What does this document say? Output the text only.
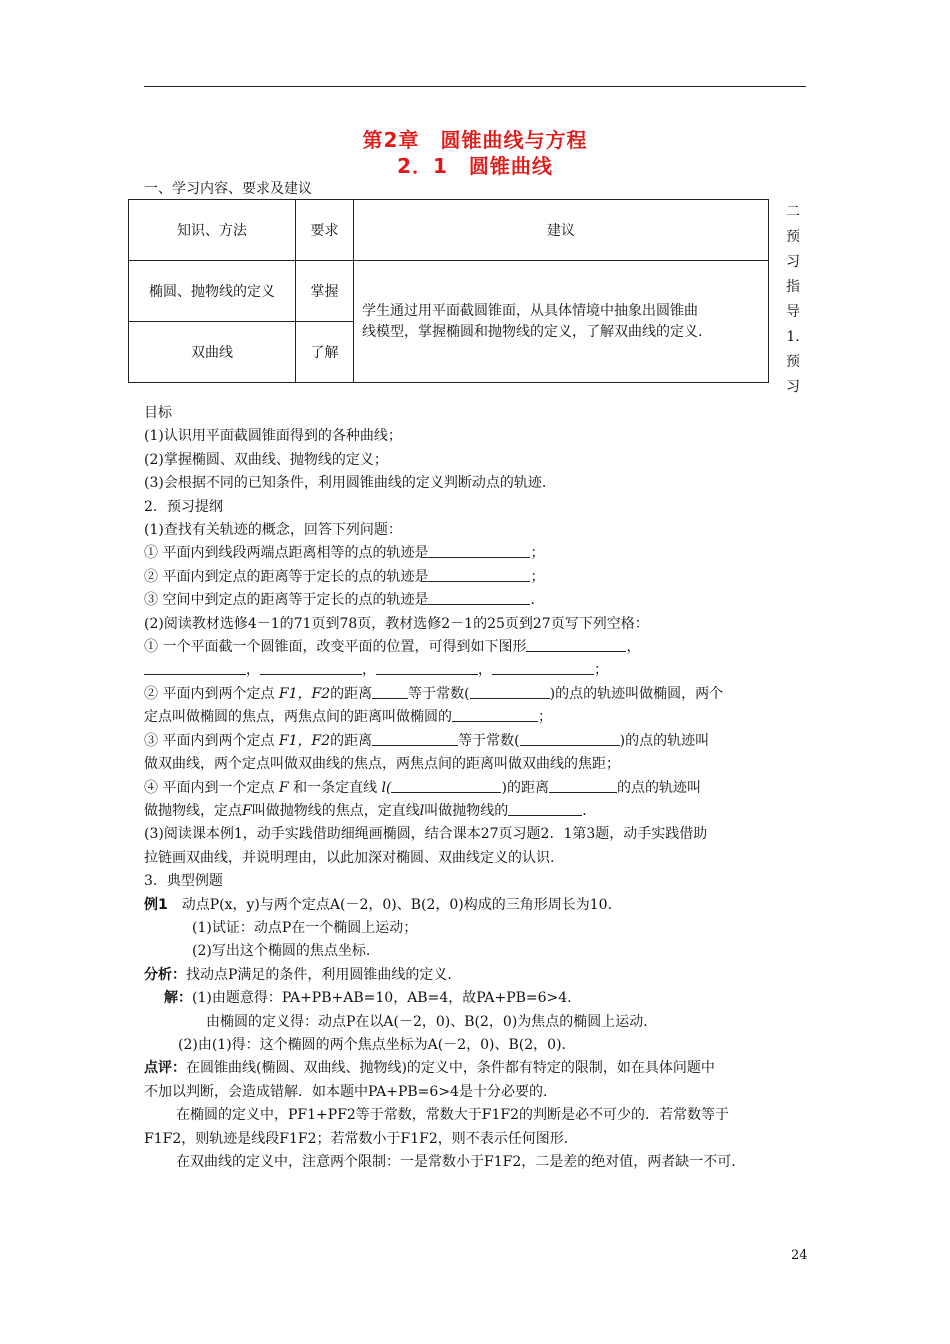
第2章　圆锥曲线与方程
2．1　圆锥曲线
一、学习内容、要求及建议
知识、方法	要求	建议
椭圆、抛物线的定义	掌握	学生通过用平面截圆锥面，从具体情境中抽象出圆锥曲
线模型，掌握椭圆和抛物线的定义，了解双曲线的定义.

双曲线	了解	
二
预
习
指
导
1.
预
习

目标

(1)认识用平面截圆锥面得到的各种曲线；

(2)掌握椭圆、双曲线、抛物线的定义；

(3)会根据不同的已知条件，利用圆锥曲线的定义判断动点的轨迹.

2．预习提纲

(1)查找有关轨迹的概念，回答下列问题：

① 平面内到线段两端点距离相等的点的轨迹是	；

② 平面内到定点的距离等于定长的点的轨迹是	；

③ 空间中到定点的距离等于定长的点的轨迹是	.

(2)阅读教材选修4－1的71页到78页，教材选修2－1的25页到27页写下列空格：

① 一个平面截一个圆锥面，改变平面的位置，可得到如下图形	，

，	，	，	；

② 平面内到两个定点 F1，F2的距离	等于常数(	)的点的轨迹叫做椭圆，两个

定点叫做椭圆的焦点，两焦点间的距离叫做椭圆的	；

③ 平面内到两个定点 F1，F2的距离	等于常数(	)的点的轨迹叫

做双曲线，两个定点叫做双曲线的焦点，两焦点间的距离叫做双曲线的焦距；

④ 平面内到一个定点 F 和一条定直线 l(	)的距离	的点的轨迹叫

做抛物线，定点F叫做抛物线的焦点，定直线l叫做抛物线的	.

(3)阅读课本例1，动手实践借助细绳画椭圆，结合课本27页习题2．1第3题，动手实践借助

拉链画双曲线，并说明理由，以此加深对椭圆、双曲线定义的认识.

3．典型例题

例1　 动点P(x，y)与两个定点A(－2，0)、B(2，0)构成的三角形周长为10.

(1)试证：动点P在一个椭圆上运动；

(2)写出这个椭圆的焦点坐标.

分析：找动点P满足的条件，利用圆锥曲线的定义.

解：(1)由题意得：PA+PB+AB=10，AB=4，故PA+PB=6>4.

由椭圆的定义得：动点P在以A(－2，0)、B(2，0)为焦点的椭圆上运动.

(2)由(1)得：这个椭圆的两个焦点坐标为A(－2，0)、B(2，0).

点评：在圆锥曲线(椭圆、双曲线、抛物线)的定义中，条件都有特定的限制，如在具体问题中

不加以判断，会造成错解．如本题中PA+PB=6>4是十分必要的.

在椭圆的定义中，PF1+PF2等于常数，常数大于F1F2的判断是必不可少的．若常数等于

F1F2，则轨迹是线段F1F2；若常数小于F1F2，则不表示任何图形.

在双曲线的定义中，注意两个限制：一是常数小于F1F2，二是差的绝对值，两者缺一不可.

24
